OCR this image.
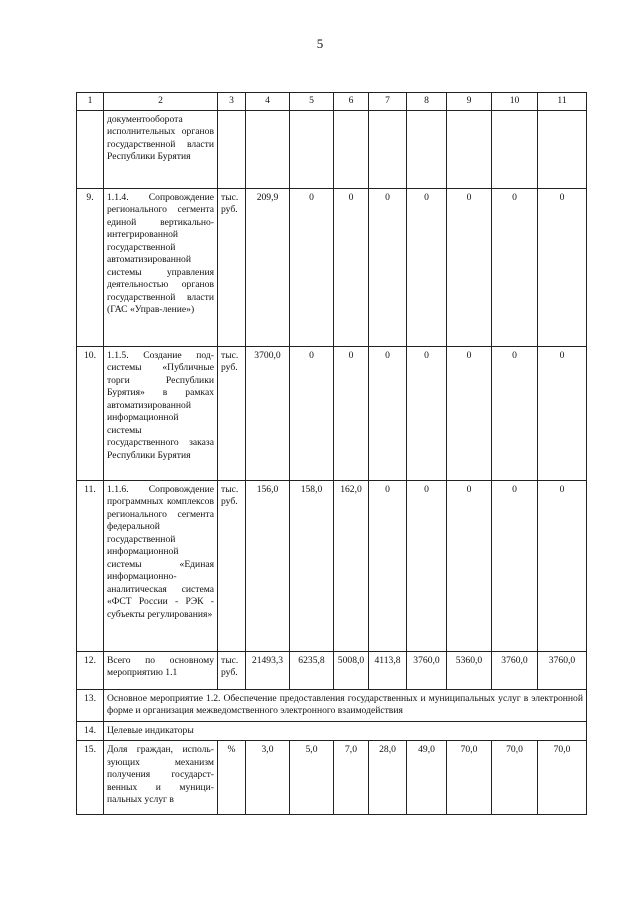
5
1	2	3	4	5	6	7	8	9	10	11
	документооборота исполнительных органов государственной власти Республики Бурятия									
9.	1.1.4. Сопровождение регионального сегмента единой вертикально-интегрированной государственной автоматизированной системы управления деятельностью органов государственной власти (ГАС «Управ-ление»)	тыс. руб.	209,9	0	0	0	0	0	0	0
10.	1.1.5. Создание под-системы «Публичные торги Республики Бурятия» в рамках автоматизированной информационной системы государственного заказа Республики Бурятия	тыс. руб.	3700,0	0	0	0	0	0	0	0
11.	1.1.6. Сопровождение программных комплексов регионального сегмента федеральной государственной информационной системы «Единая информационно-аналитическая система «ФСТ России - РЭК - субъекты регулирования»	тыс. руб.	156,0	158,0	162,0	0	0	0	0	0
12.	Всего по основному мероприятию 1.1	тыс. руб.	21493,3	6235,8	5008,0	4113,8	3760,0	5360,0	3760,0	3760,0
13.	Основное мероприятие 1.2. Обеспечение предоставления государственных и муниципальных услуг в электронной форме и организация межведомственного электронного взаимодействия									
14.	Целевые индикаторы									
15.	Доля граждан, исполь-зующих механизм получения государст-венных и муници-пальных услуг в	%	3,0	5,0	7,0	28,0	49,0	70,0	70,0	70,0
